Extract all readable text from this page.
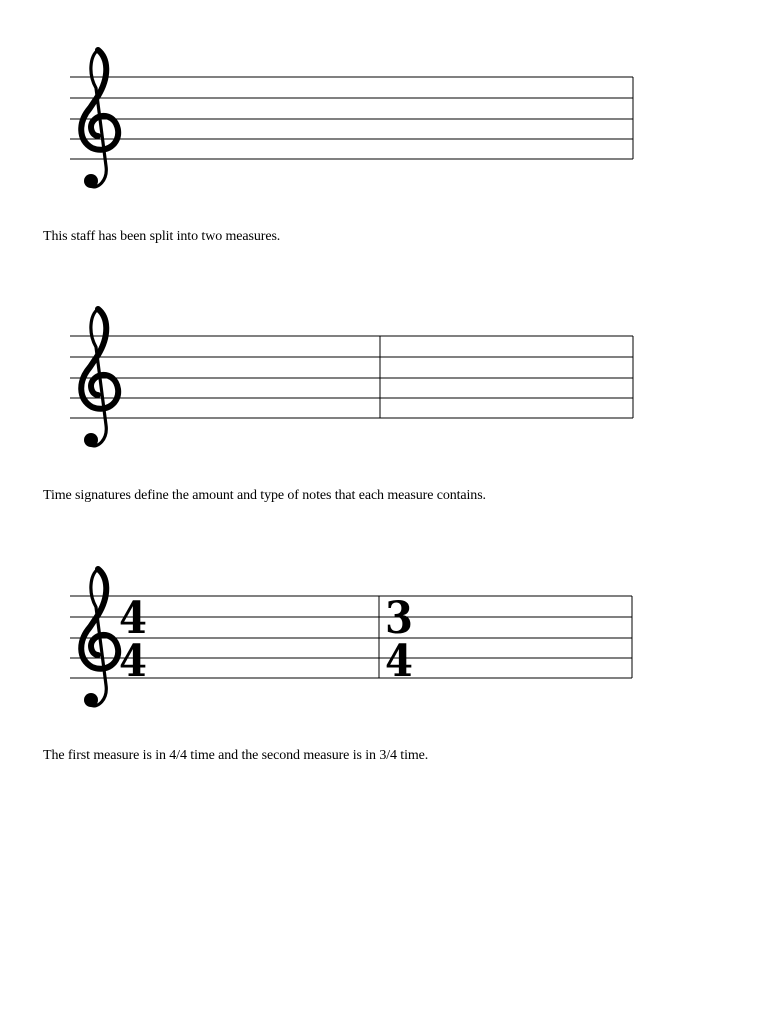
This staff has been split into two measures.
Time signatures define the amount and type of notes that each measure contains.
4
4
3
4
The first measure is in 4/4 time and the second measure is in 3/4 time.
